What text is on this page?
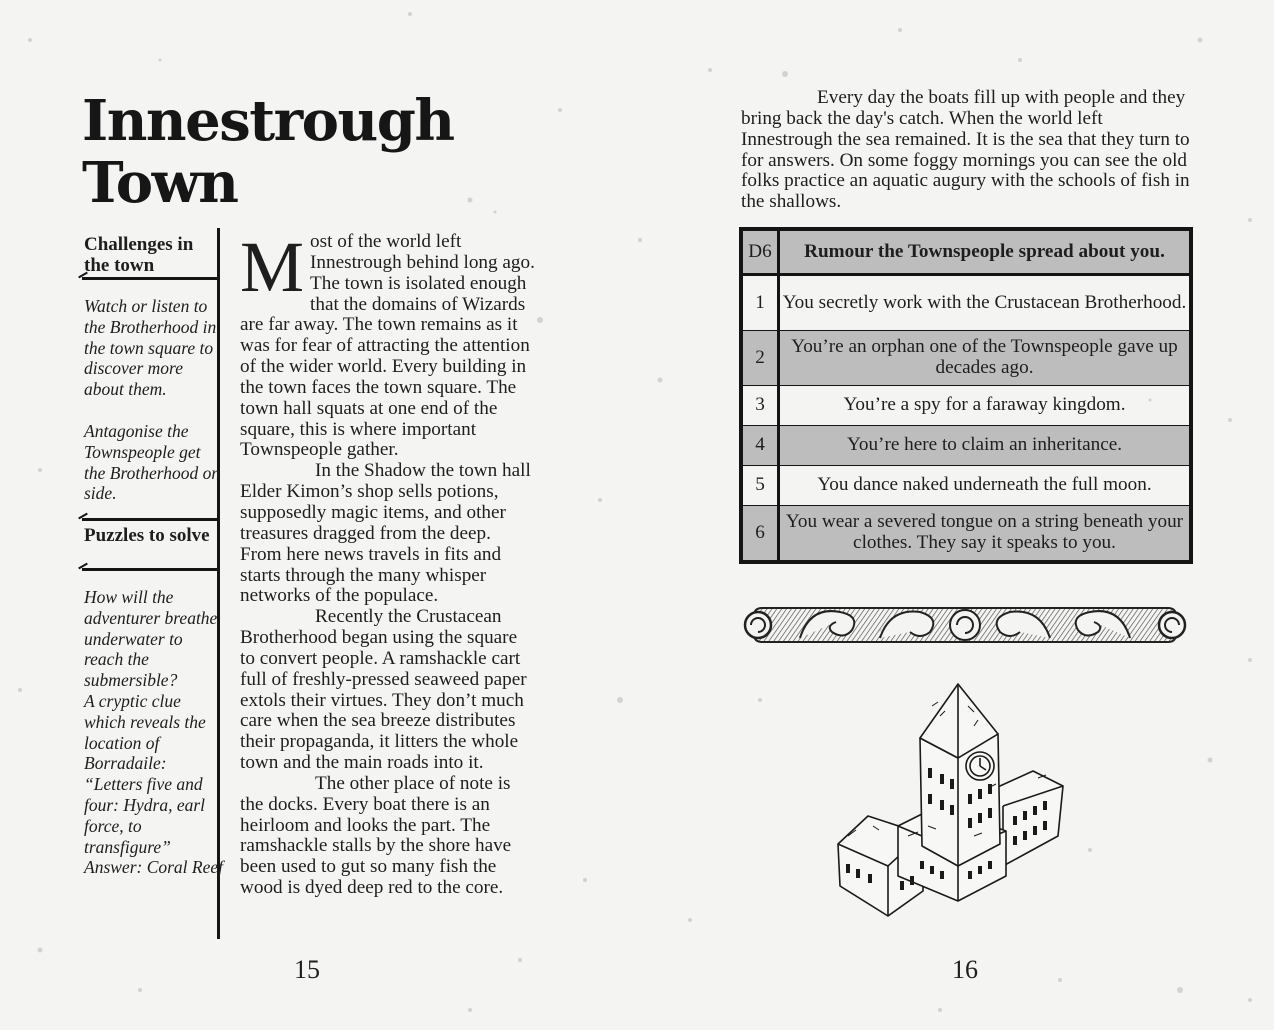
Innestrough
Town
Challenges in the town

Watch or listen to the Brotherhood in the town square to discover more about them.

Antagonise the Townspeople get the Brotherhood on side.

Puzzles to solve

How will the adventurer breathe underwater to reach the submersible?

A cryptic clue which reveals the location of Borradaile: “Letters five and four: Hydra, earl force, to transfigure” Answer: Coral Reef

Most of the world left Innestrough behind long ago. The town is isolated enough that the domains of Wizards are far away. The town remains as it was for fear of attracting the attention of the wider world. Every building in the town faces the town square. The town hall squats at one end of the square, this is where important Townspeople gather.

In the Shadow the town hall Elder Kimon’s shop sells potions, supposedly magic items, and other treasures dragged from the deep. From here news travels in fits and starts through the many whisper networks of the populace.

Recently the Crustacean Brotherhood began using the square to convert people. A ramshackle cart full of freshly-pressed seaweed paper extols their virtues. They don’t much care when the sea breeze distributes their propaganda, it litters the whole town and the main roads into it.

The other place of note is the docks. Every boat there is an heirloom and looks the part. The ramshackle stalls by the shore have been used to gut so many fish the wood is dyed deep red to the core.

15

Every day the boats fill up with people and they bring back the day's catch. When the world left Innestrough the sea remained. It is the sea that they turn to for answers. On some foggy mornings you can see the old folks practice an aquatic augury with the schools of fish in the shallows.

D6	Rumour the Townspeople spread about you.
1	You secretly work with the Crustacean Brotherhood.
2	You’re an orphan one of the Townspeople gave up decades ago.
3	You’re a spy for a faraway kingdom.
4	You’re here to claim an inheritance.
5	You dance naked underneath the full moon.
6	You wear a severed tongue on a string beneath your clothes. They say it speaks to you.
16
